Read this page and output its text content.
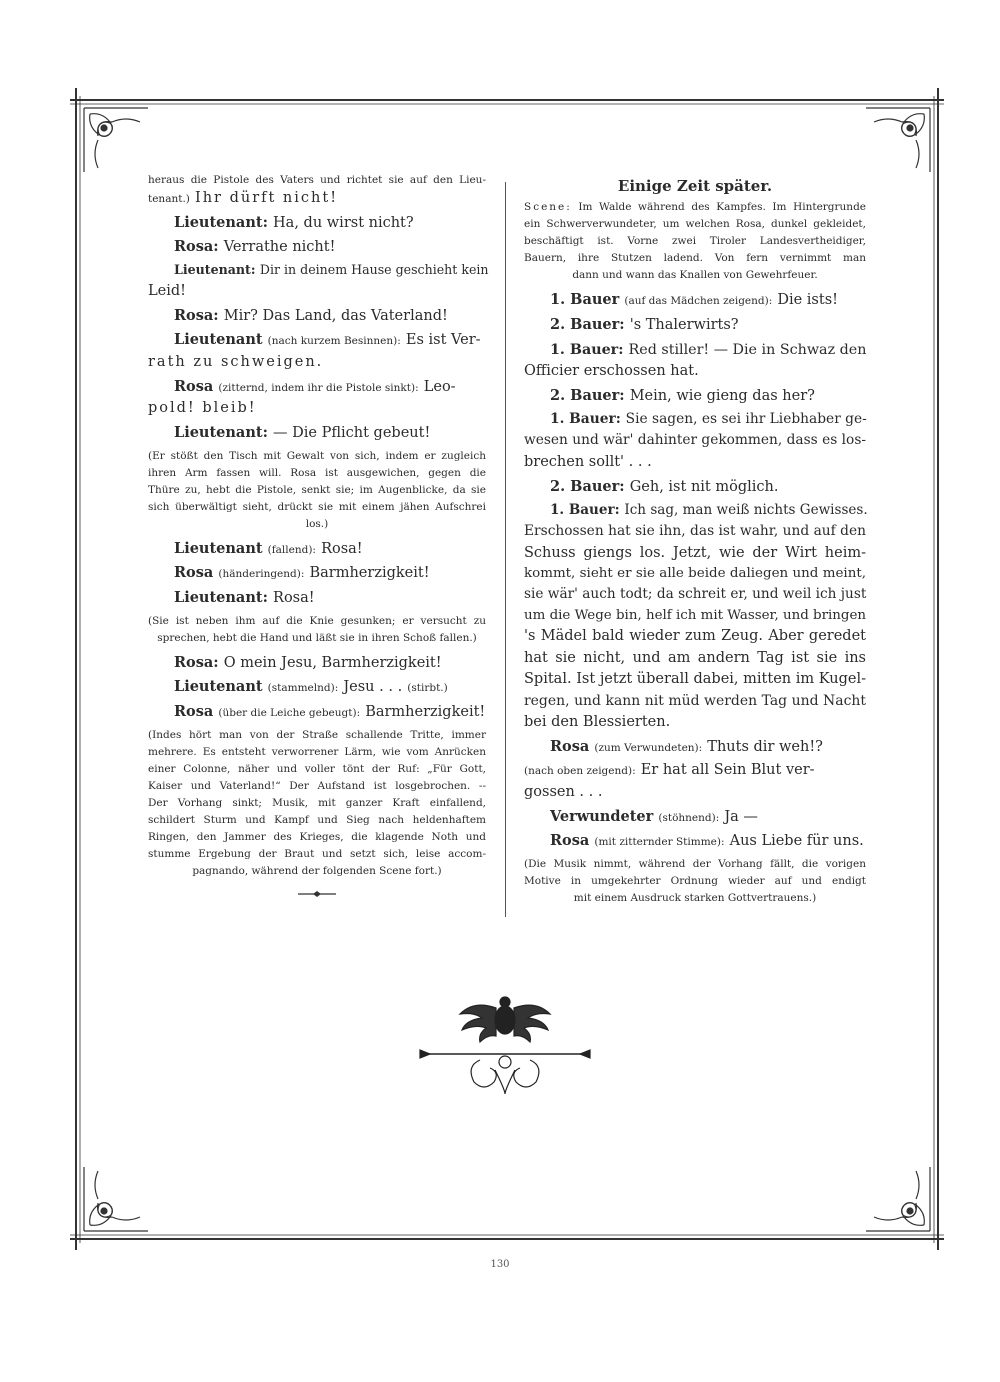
heraus die Pistole des Vaters und richtet sie auf den Lieu-
tenant.) Ihr dürft nicht!
Lieutenant: Ha, du wirst nicht?
Rosa: Verrathe nicht!
Lieutenant: Dir in deinem Hause geschieht kein
Leid!
Rosa: Mir? Das Land, das Vaterland!
Lieutenant (nach kurzem Besinnen): Es ist Ver-
rath zu schweigen.
Rosa (zitternd, indem ihr die Pistole sinkt): Leo-
pold! bleib!
Lieutenant: — Die Pflicht gebeut!
(Er stößt den Tisch mit Gewalt von sich, indem er zugleich
ihren Arm fassen will. Rosa ist ausgewichen, gegen die
Thüre zu, hebt die Pistole, senkt sie; im Augenblicke, da sie
sich überwältigt sieht, drückt sie mit einem jähen Aufschrei
los.)
Lieutenant (fallend): Rosa!
Rosa (händeringend): Barmherzigkeit!
Lieutenant: Rosa!
(Sie ist neben ihm auf die Knie gesunken; er versucht zu
sprechen, hebt die Hand und läßt sie in ihren Schoß fallen.)
Rosa: O mein Jesu, Barmherzigkeit!
Lieutenant (stammelnd): Jesu . . . (stirbt.)
Rosa (über die Leiche gebeugt): Barmherzigkeit!
(Indes hört man von der Straße schallende Tritte, immer
mehrere. Es entsteht verworrener Lärm, wie vom Anrücken
einer Colonne, näher und voller tönt der Ruf: „Für Gott,
Kaiser und Vaterland!“ Der Aufstand ist losgebrochen. --
Der Vorhang sinkt; Musik, mit ganzer Kraft einfallend,
schildert Sturm und Kampf und Sieg nach heldenhaftem
Ringen, den Jammer des Krieges, die klagende Noth und
stumme Ergebung der Braut und setzt sich, leise accom-
pagnando, während der folgenden Scene fort.)
Einige Zeit später.
Scene: Im Walde während des Kampfes. Im Hintergrunde
ein Schwerverwundeter, um welchen Rosa, dunkel gekleidet,
beschäftigt ist. Vorne zwei Tiroler Landesvertheidiger,
Bauern, ihre Stutzen ladend. Von fern vernimmt man
dann und wann das Knallen von Gewehrfeuer.
1. Bauer (auf das Mädchen zeigend): Die ists!
2. Bauer: 's Thalerwirts?
1. Bauer: Red stiller! — Die in Schwaz den
Officier erschossen hat.
2. Bauer: Mein, wie gieng das her?
1. Bauer: Sie sagen, es sei ihr Liebhaber ge-
wesen und wär' dahinter gekommen, dass es los-
brechen sollt' . . .
2. Bauer: Geh, ist nit möglich.
1. Bauer: Ich sag, man weiß nichts Gewisses.
Erschossen hat sie ihn, das ist wahr, und auf den
Schuss giengs los. Jetzt, wie der Wirt heim-
kommt, sieht er sie alle beide daliegen und meint,
sie wär' auch todt; da schreit er, und weil ich just
um die Wege bin, helf ich mit Wasser, und bringen
's Mädel bald wieder zum Zeug. Aber geredet
hat sie nicht, und am andern Tag ist sie ins
Spital. Ist jetzt überall dabei, mitten im Kugel-
regen, und kann nit müd werden Tag und Nacht
bei den Blessierten.
Rosa (zum Verwundeten): Thuts dir weh!?
(nach oben zeigend): Er hat all Sein Blut ver-
gossen . . .
Verwundeter (stöhnend): Ja —
Rosa (mit zitternder Stimme): Aus Liebe für uns.
(Die Musik nimmt, während der Vorhang fällt, die vorigen
Motive in umgekehrter Ordnung wieder auf und endigt
mit einem Ausdruck starken Gottvertrauens.)
130
